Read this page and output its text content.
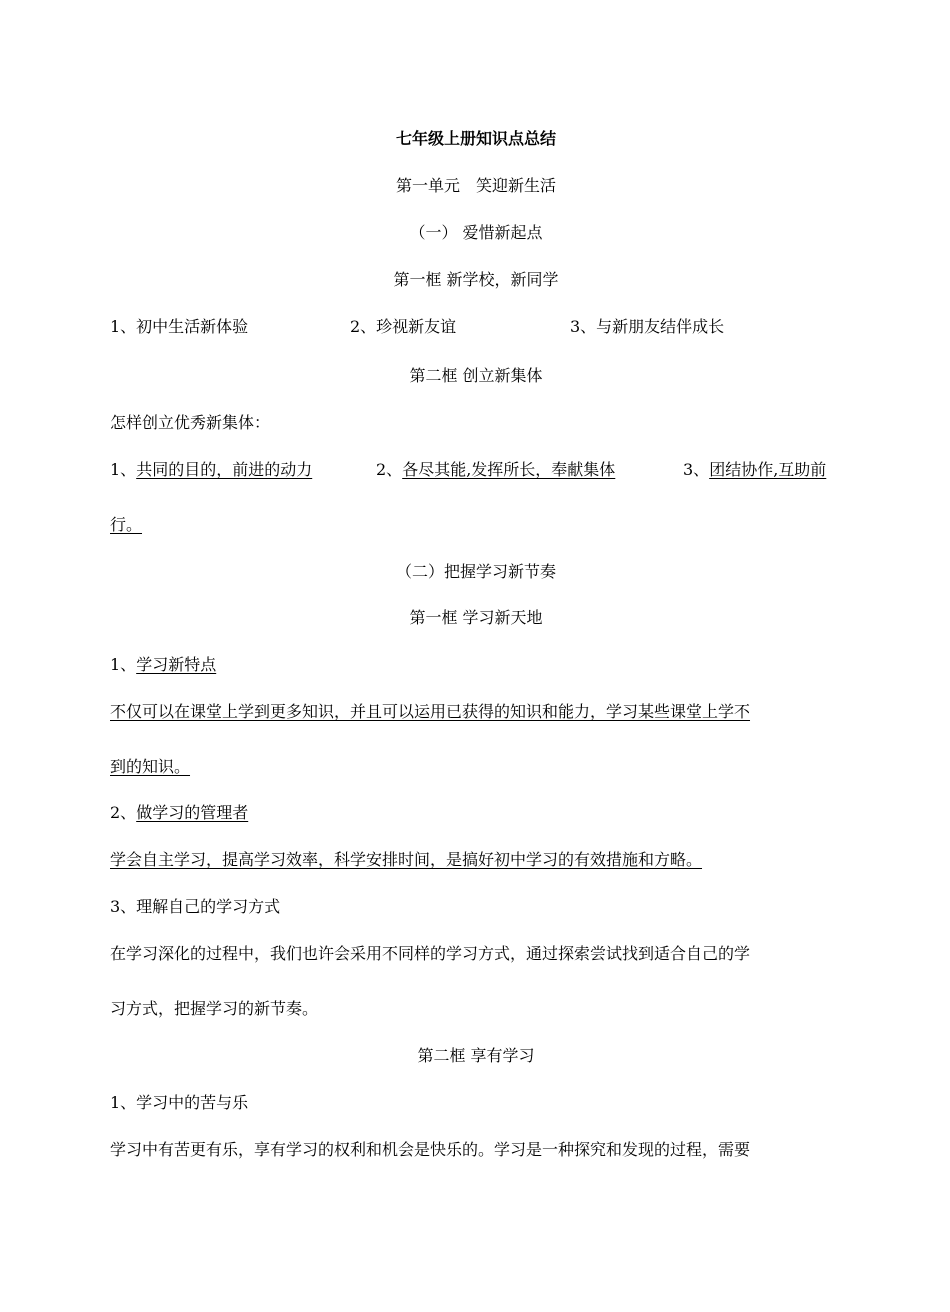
七年级上册知识点总结
第一单元　笑迎新生活
（一） 爱惜新起点
第一框 新学校，新同学
1、初中生活新体验	2、珍视新友谊	3、与新朋友结伴成长
第二框 创立新集体
怎样创立优秀新集体：
1、共同的目的，前进的动力	2、各尽其能,发挥所长，奉献集体	3、团结协作,互助前
行。
（二）把握学习新节奏
第一框 学习新天地
1、学习新特点
不仅可以在课堂上学到更多知识，并且可以运用已获得的知识和能力，学习某些课堂上学不
到的知识。
2、做学习的管理者
学会自主学习，提高学习效率，科学安排时间，是搞好初中学习的有效措施和方略。
3、理解自己的学习方式
在学习深化的过程中，我们也许会采用不同样的学习方式，通过探索尝试找到适合自己的学
习方式，把握学习的新节奏。
第二框 享有学习
1、学习中的苦与乐
学习中有苦更有乐，享有学习的权利和机会是快乐的。学习是一种探究和发现的过程，需要
